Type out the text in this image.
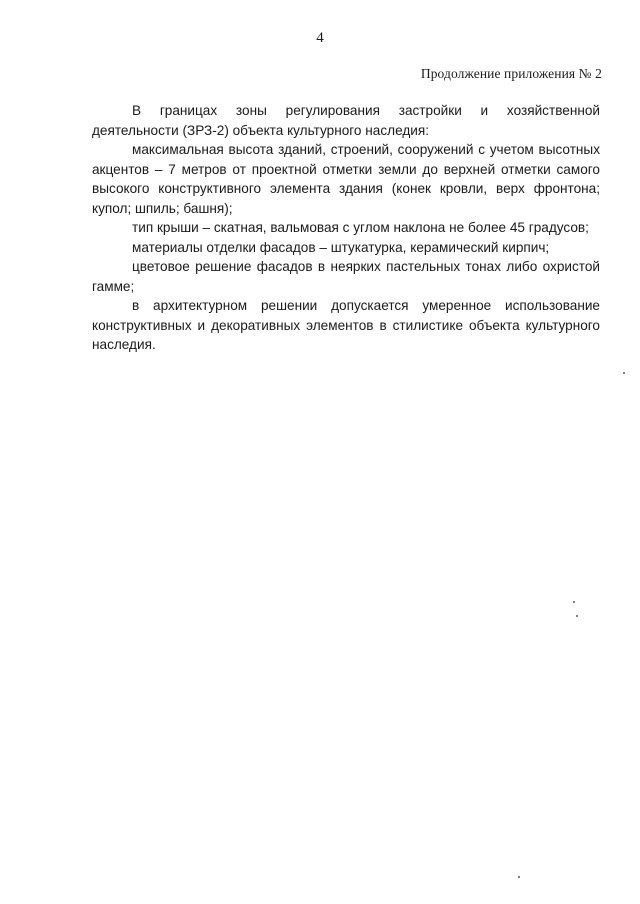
4
Продолжение приложения № 2

В границах зоны регулирования застройки и хозяйственной деятельности (ЗРЗ-2) объекта культурного наследия:

максимальная высота зданий, строений, сооружений с учетом высотных акцентов – 7 метров от проектной отметки земли до верхней отметки самого высокого конструктивного элемента здания (конек кровли, верх фронтона; купол; шпиль; башня);

тип крыши – скатная, вальмовая с углом наклона не более 45 градусов;

материалы отделки фасадов – штукатурка, керамический кирпич;

цветовое решение фасадов в неярких пастельных тонах либо охристой гамме;

в архитектурном решении допускается умеренное использование конструктивных и декоративных элементов в стилистике объекта культурного наследия.
